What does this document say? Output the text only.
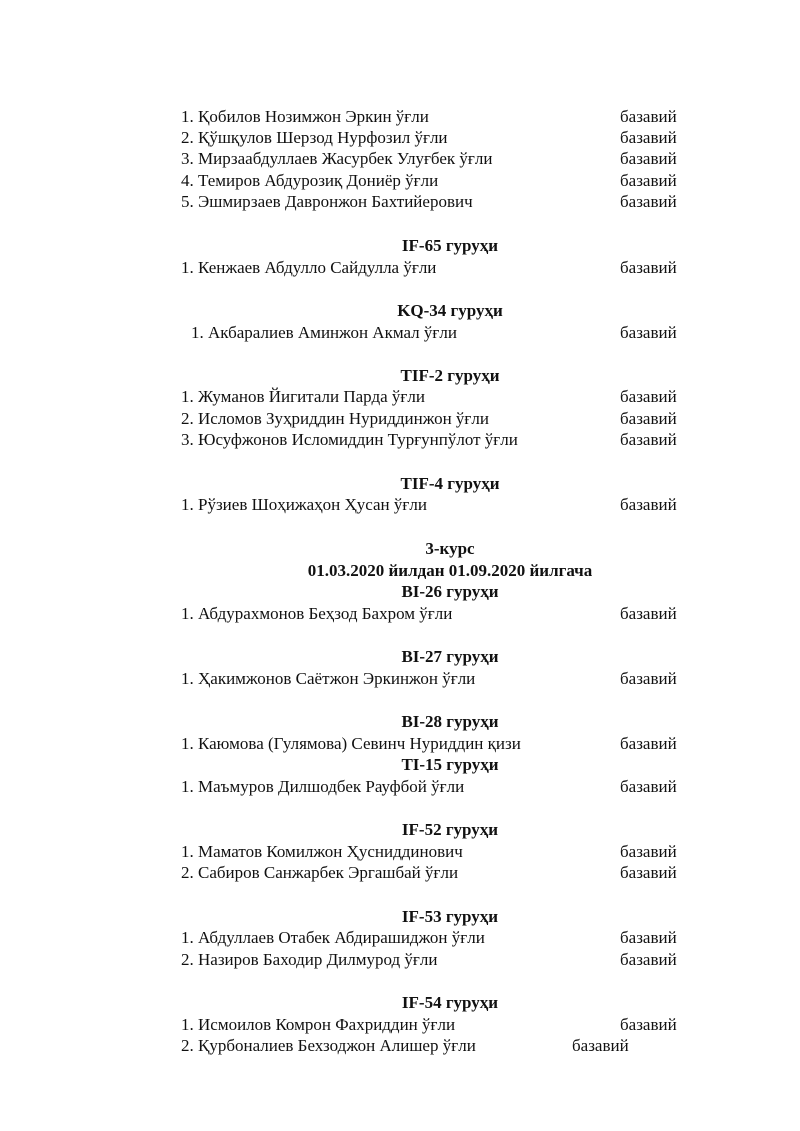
1. Қобилов Нозимжон Эркин ўғли	базавий
2. Қўшқулов Шерзод Нурфозил ўғли	базавий
3. Мирзаабдуллаев Жасурбек Улуғбек ўғли	базавий
4. Темиров Абдурозиқ Дониёр ўғли	базавий
5. Эшмирзаев Давронжон Бахтийерович	базавий
IF-65 гуруҳи
1. Кенжаев Абдулло Сайдулла ўғли	базавий
KQ-34 гуруҳи
1. Акбаралиев Аминжон Акмал ўғли	базавий
TIF-2 гуруҳи
1. Жуманов Йигитали Парда ўғли	базавий
2. Исломов Зуҳриддин Нуриддинжон ўғли	базавий
3. Юсуфжонов Исломиддин Турғунпўлот ўғли	базавий
TIF-4 гуруҳи
1. Рўзиев Шоҳижаҳон Ҳусан ўғли	базавий
3-курс
01.03.2020 йилдан 01.09.2020 йилгача
BI-26 гуруҳи
1. Абдурахмонов Беҳзод Бахром ўғли	базавий
BI-27 гуруҳи
1. Ҳакимжонов Саётжон Эркинжон ўғли	базавий
BI-28 гуруҳи
1. Каюмова (Гулямова) Севинч Нуриддин қизи	базавий
TI-15 гуруҳи
1. Маъмуров Дилшодбек Рауфбой ўғли	базавий
IF-52 гуруҳи
1. Маматов Комилжон Ҳусниддинович	базавий
2. Сабиров Санжарбек Эргашбай ўғли	базавий
IF-53 гуруҳи
1. Абдуллаев Отабек Абдирашиджон ўғли	базавий
2. Назиров Баходир Дилмурод ўғли	базавий
IF-54 гуруҳи
1. Исмоилов Комрон Фахриддин ўғли	базавий
2. Қурбоналиев Бехзоджон Алишер ўғли	базавий
